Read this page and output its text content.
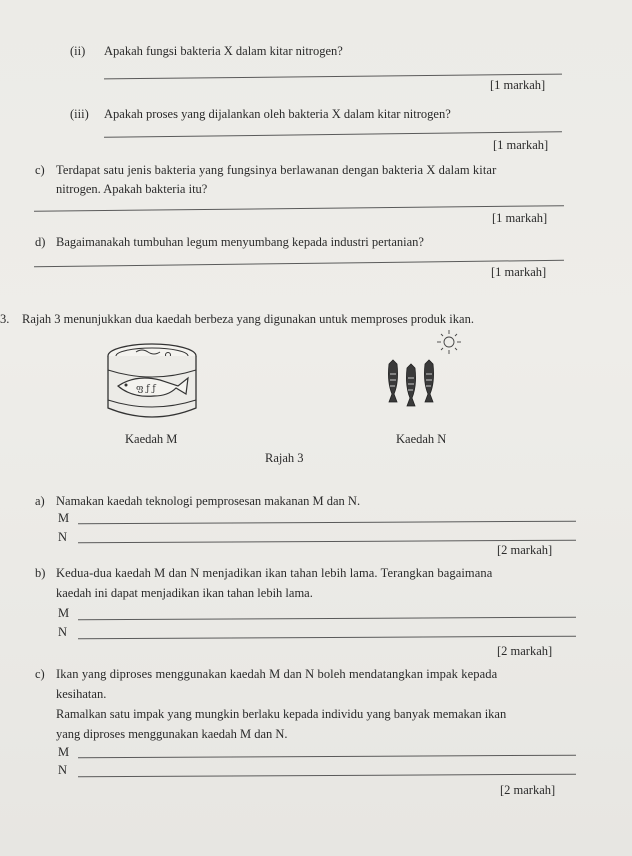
(ii) Apakah fungsi bakteria X dalam kitar nitrogen?
[1 markah]
(iii) Apakah proses yang dijalankan oleh bakteria X dalam kitar nitrogen?
[1 markah]
c) Terdapat satu jenis bakteria yang fungsinya berlawanan dengan bakteria X dalam kitar
nitrogen. Apakah bakteria itu?
[1 markah]
d) Bagaimanakah tumbuhan legum menyumbang kepada industri pertanian?
[1 markah]
3. Rajah 3 menunjukkan dua kaedah berbeza yang digunakan untuk memproses produk ikan.
ფ ƒ ƒ
Kaedah M	Kaedah N
Rajah 3
a) Namakan kaedah teknologi pemprosesan makanan M dan N.
M
N
[2 markah]
b) Kedua-dua kaedah M dan N menjadikan ikan tahan lebih lama. Terangkan bagaimana
kaedah ini dapat menjadikan ikan tahan lebih lama.
M
N
[2 markah]
c) Ikan yang diproses menggunakan kaedah M dan N boleh mendatangkan impak kepada
kesihatan.
Ramalkan satu impak yang mungkin berlaku kepada individu yang banyak memakan ikan
yang diproses menggunakan kaedah M dan N.
M
N
[2 markah]
